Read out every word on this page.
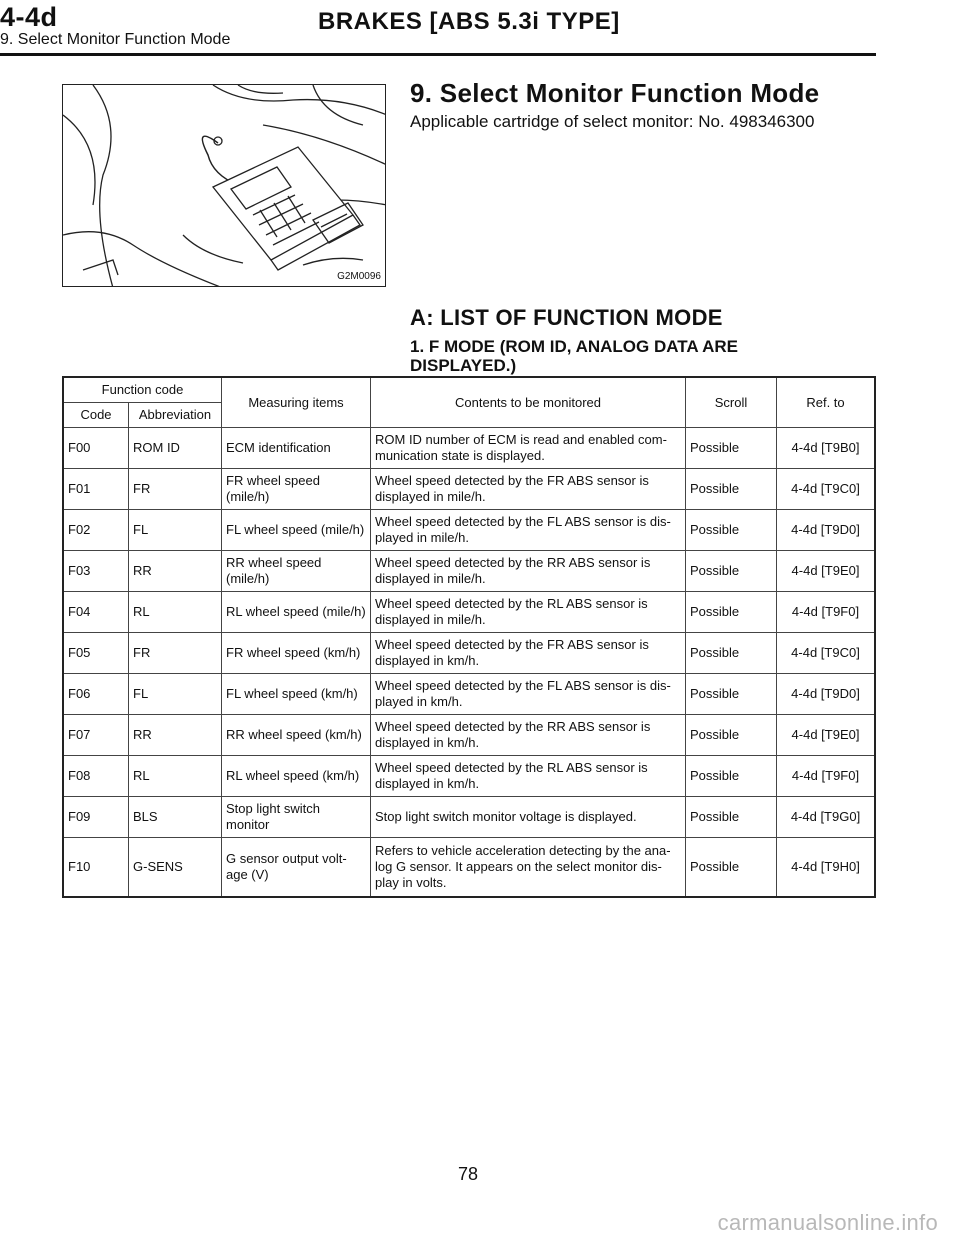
4-4d	BRAKES [ABS 5.3i TYPE]
9. Select Monitor Function Mode
G2M0096
9. Select Monitor Function Mode
Applicable cartridge of select monitor: No. 498346300
A: LIST OF FUNCTION MODE
1. F MODE (ROM ID, ANALOG DATA ARE DISPLAYED.)
Function code		Measuring items	Contents to be monitored	Scroll	Ref. to
Code	Abbreviation				
F00	ROM ID	ECM identification	ROM ID number of ECM is read and enabled com-munication state is displayed.	Possible	4-4d [T9B0]
F01	FR	FR wheel speed (mile/h)	Wheel speed detected by the FR ABS sensor is displayed in mile/h.	Possible	4-4d [T9C0]
F02	FL	FL wheel speed (mile/h)	Wheel speed detected by the FL ABS sensor is dis-played in mile/h.	Possible	4-4d [T9D0]
F03	RR	RR wheel speed (mile/h)	Wheel speed detected by the RR ABS sensor is displayed in mile/h.	Possible	4-4d [T9E0]
F04	RL	RL wheel speed (mile/h)	Wheel speed detected by the RL ABS sensor is displayed in mile/h.	Possible	4-4d [T9F0]
F05	FR	FR wheel speed (km/h)	Wheel speed detected by the FR ABS sensor is displayed in km/h.	Possible	4-4d [T9C0]
F06	FL	FL wheel speed (km/h)	Wheel speed detected by the FL ABS sensor is dis-played in km/h.	Possible	4-4d [T9D0]
F07	RR	RR wheel speed (km/h)	Wheel speed detected by the RR ABS sensor is displayed in km/h.	Possible	4-4d [T9E0]
F08	RL	RL wheel speed (km/h)	Wheel speed detected by the RL ABS sensor is displayed in km/h.	Possible	4-4d [T9F0]
F09	BLS	Stop light switch monitor	Stop light switch monitor voltage is displayed.	Possible	4-4d [T9G0]
F10	G-SENS	G sensor output volt-age (V)	Refers to vehicle acceleration detecting by the ana-log G sensor. It appears on the select monitor dis-play in volts.	Possible	4-4d [T9H0]
78
carmanualsonline.info
